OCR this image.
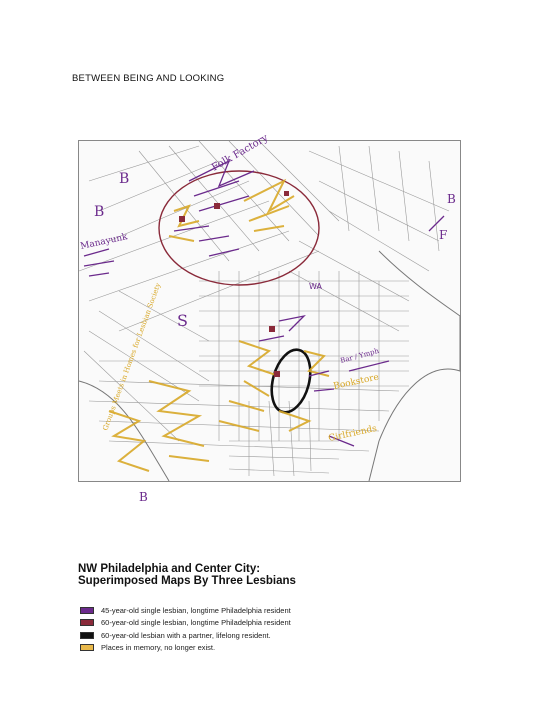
BETWEEN BEING AND LOOKING
B
B
B
B
S
F
WA
Manayunk
Folk Factory
Groups Meets in Homes for Lesbian Society	Bookstore
Girlfriends
Bar / Ymph
NW Philadelphia and Center City:
Superimposed Maps By Three Lesbians
45-year-old single lesbian, longtime Philadelphia resident
60-year-old single lesbian, longtime Philadelphia resident
60-year-old lesbian with a partner, lifelong resident.
Places in memory, no longer exist.
